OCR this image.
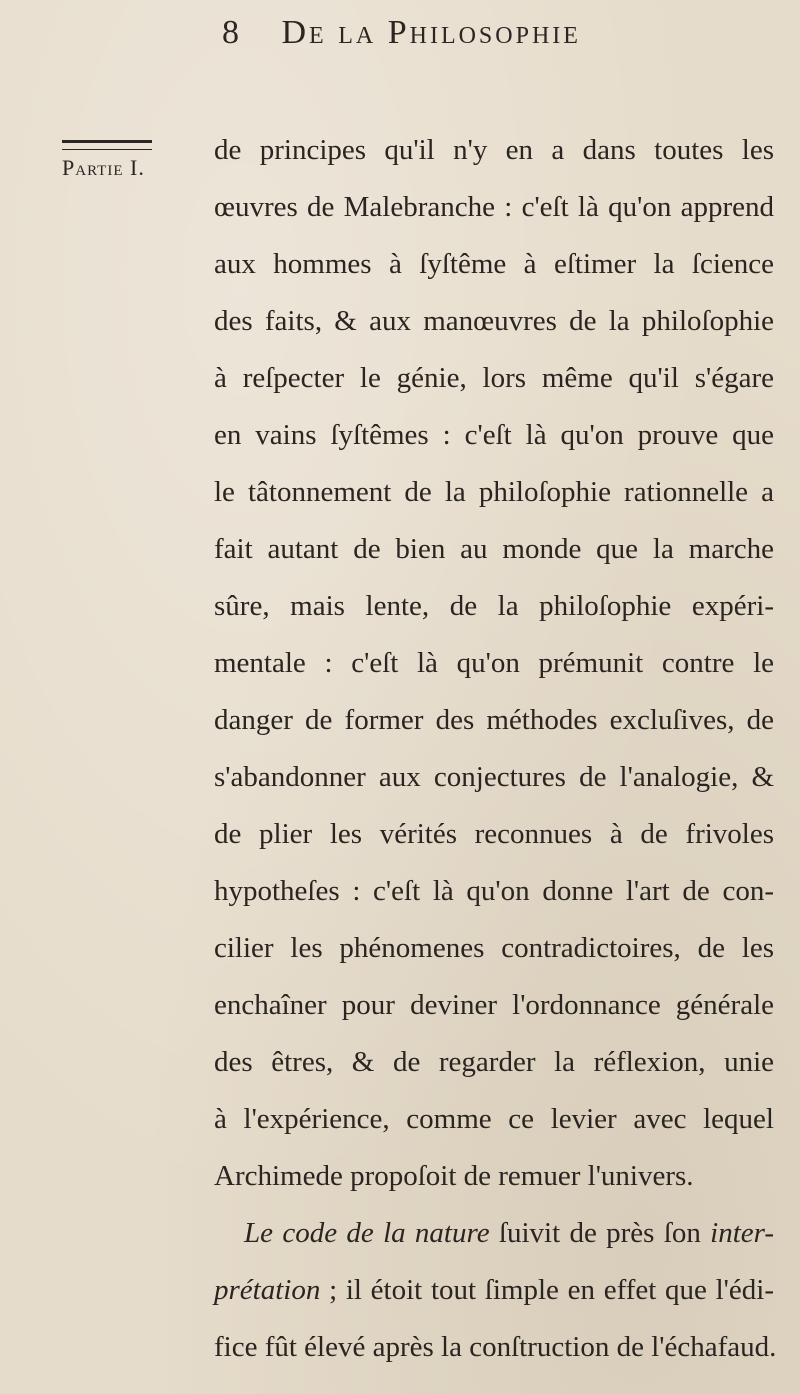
8 De la Philosophie
Partie I.
de principes qu'il n'y en a dans toutes les
œuvres de Malebranche : c'eſt là qu'on apprend
aux hommes à ſyſtême à eſtimer la ſcience
des faits, & aux manœuvres de la philoſophie
à reſpecter le génie, lors même qu'il s'égare
en vains ſyſtêmes : c'eſt là qu'on prouve que
le tâtonnement de la philoſophie rationnelle a
fait autant de bien au monde que la marche
sûre, mais lente, de la philoſophie expéri-
mentale : c'eſt là qu'on prémunit contre le
danger de former des méthodes excluſives, de
s'abandonner aux conjectures de l'analogie, &
de plier les vérités reconnues à de frivoles
hypotheſes : c'eſt là qu'on donne l'art de con-
cilier les phénomenes contradictoires, de les
enchaîner pour deviner l'ordonnance générale
des êtres, & de regarder la réflexion, unie
à l'expérience, comme ce levier avec lequel
Archimede propoſoit de remuer l'univers.
Le code de la nature ſuivit de près ſon inter-
prétation ; il étoit tout ſimple en effet que l'édi-
fice fût élevé après la conſtruction de l'échafaud.
